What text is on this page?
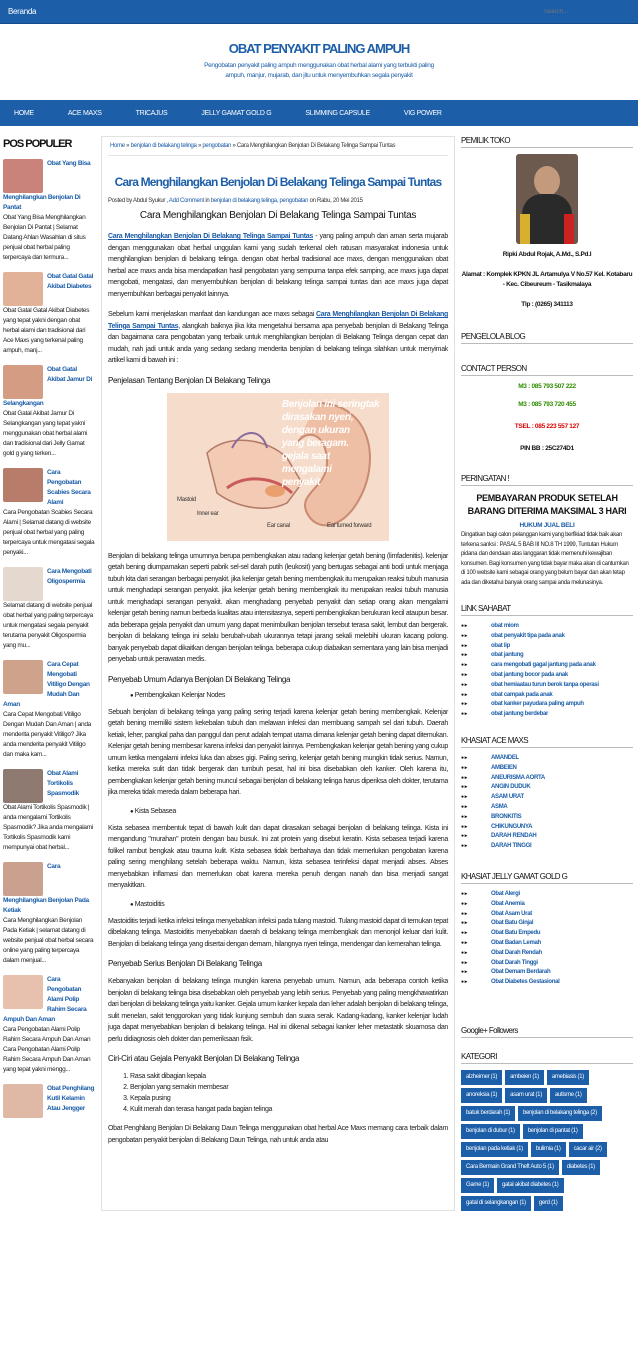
Beranda
Search...
OBAT PENYAKIT PALING AMPUH

Pengobatan penyakit paling ampuh menggunakan obat herbal alami yang terbukti paling ampuh, manjur, mujarab, dan jitu untuk menyembuhkan segala penyakit

HOME	ACE MAXS	TRICAJUS	JELLY GAMAT GOLD G	SLIMMING CAPSULE	VIG POWER
POS POPULER
Obat Yang Bisa
Menghilangkan Benjolan Di Pantat
Obat Yang Bisa Menghilangkan Benjolan Di Pantat | Selamat Datang Ahlan Wasahlan di situs penjual obat herbal paling terpercaya dan termura...
Obat Gatal Gatal Akibat Diabetes
Obat Gatal Gatal Akibat Diabetes yang tepat yakni dengan obat herbal alami dan tradisional dari Ace Maxs yang terkenal paling ampuh, manj...
Obat Gatal Akibat Jamur Di
Selangkangan
Obat Gatal Akibat Jamur Di Selangkangan yang tepat yakni menggunakan obat herbal alami dan tradisional dari Jelly Gamat gold g yang terken...
Cara Pengobatan Scabies Secara Alami
Cara Pengobatan Scabies Secara Alami | Selamat datang di website penjual obat herbal yang paling terpercaya untuk mengatasi segala penyaki...
Cara Mengobati Oligospermia
Selamat datang di website penjual obat herbal yang paling terpercaya untuk mengatasi segala penyakit terutama penyakit Oligospermia yang mu...
Cara Cepat Mengobati Vitiligo Dengan Mudah Dan
Aman
Cara Cepat Mengobati Vitiligo Dengan Mudah Dan Aman | anda menderita penyakit Vitiligo? Jika anda menderita penyakit Vitiligo dan maka kam...
Obat Alami Tortikolis Spasmodik
Obat Alami Tortikolis Spasmodik | anda mengalami Tortikolis Spasmodik? Jika anda mengalami Tortikolis Spasmodik kami mempunyai obat herbal...
Cara
Menghilangkan Benjolan Pada Ketiak
Cara Menghilangkan Benjolan Pada Ketiak | selamat datang di website penjual obat herbal secara online yang paling terpercaya dalam menjual...
Cara Pengobatan Alami Polip Rahim Secara
Ampuh Dan Aman
Cara Pengobatan Alami Polip Rahim Secara Ampuh Dan Aman Cara Pengobatan Alami Polip Rahim Secara Ampuh Dan Aman yang tepat yakni mengg...
Obat Penghilang Kutil Kelamin Atau Jengger
Home » benjolan di belakang telinga » pengobatan » Cara Menghilangkan Benjolan Di Belakang Telinga Sampai Tuntas
Cara Menghilangkan Benjolan Di Belakang Telinga Sampai Tuntas
Posted by Abdul Syukur , Add Comment in benjolan di belakang telinga, pengobatan on Rabu, 20 Mei 2015
Cara Menghilangkan Benjolan Di Belakang Telinga Sampai Tuntas
Cara Menghilangkan Benjolan Di Belakang Telinga Sampai Tuntas - yang paling ampuh dan aman serta mujarab dengan menggunakan obat herbal unggulan kami yang sudah terkenal oleh ratusan masyarakat indonesia untuk menghilangkan benjolan di belakang telinga. dengan obat herbal tradisional ace maxs, dengan menggunakan obat herbal ace maxs anda bisa mendapatkan hasil pengobatan yang sempurna tanpa efek samping, ace maxs juga dapat mengobati, mengatasi, dan menyembuhkan benjolan di belakang telinga sampai tuntas dan ace maxs juga dapat menyembuhkan berbagai penyakit lainnya.
Sebelum kami menjelaskan manfaat dan kandungan ace maxs sebagai Cara Menghilangkan Benjolan Di Belakang Telinga Sampai Tuntas, alangkah baiknya jika kita mengetahui bersama apa penyebab benjolan di Belakang Telinga dan bagaimana cara pengobatan yang terbaik untuk menghilangkan benjolan di Belakang Telinga dengan cepat dan mudah, nah jadi untuk anda yang sedang sedang menderita benjolan di belakang telinga silahkan untuk menyimak artikel kami di bawah ini :
Penjelasan Tentang Benjolan Di Belakang Telinga
Benjolan ini seringtak dirasakan nyeri, dengan ukuran yang beragam. gejala saat mengalami penyakit
Mastoid
Inner ear
Ear canal	Ear tumed forward
Benjolan di belakang telinga umumnya berupa pembengkakan atau radang kelenjar getah bening (limfadenitis). kelenjar getah bening diumpamakan seperti pabrik sel-sel darah putih (leukosit) yang bertugas sebagai anti bodi untuk menjaga tubuh kita dari serangan berbagai penyakit. jika kelenjar getah bening membengkak itu merupakan reaksi tubuh manusia untuk menghadapi serangan penyakit. jika kelenjar getah bening membengkak itu merupakan reaksi tubuh manusia untuk menghadapi serangan penyakit. akan menghadang penyebab penyakit dan setiap orang akan mengalami kelenjar getah bening namun berbeda kualitas atau intensitasnya, seperti pembengkakan berukuran kecil ataupun besar. ada beberapa gejala penyakit dan umum yang dapat menimbulkan benjolan tersebut terasa sakit, lembut dan bergerak. benjolan di belakang telinga ini selalu berubah-ubah ukurannya tetapi jarang sekali melebihi ukuran kacang polong. banyak penyebab dapat dikaitkan dengan benjolan telinga. beberapa cukup diabaikan sementara yang lain bisa menjadi penyebab untuk perawatan medis.
Penyebab Umum Adanya Benjolan Di Belakang Telinga
● Pembengkakan Kelenjar Nodes
Sebuah benjolan di belakang telinga yang paling sering terjadi karena kelenjar getah bening membengkak. Kelenjar getah bening memiliki sistem kekebalan tubuh dan melawan infeksi dan membuang sampah sel dari tubuh. Daerah ketiak, leher, pangkal paha dan panggul dan perut adalah tempat utama dimana kelenjar getah bening dapat ditemukan. Kelenjar getah bening membesar karena infeksi dan penyakit lainnya. Pembengkakan kelenjar getah bening yang cukup umum ketika mengalami infeksi luka dan abses gigi. Paling sering, kelenjar getah bening mungkin tidak serius. Namun, ketika mereka sulit dan tidak bergerak dan tumbuh pesat, hal ini bisa disebabkan oleh kanker. Oleh karena itu, pembengkakan kelenjar getah bening muncul sebagai benjolan di belakang telinga harus diperiksa oleh dokter, terutama jika mereka tidak mereda dalam beberapa hari.
● Kista Sebasea
Kista sebasea membentuk tepat di bawah kulit dan dapat dirasakan sebagai benjolan di belakang telinga. Kista ini mengandung "murahan" protein dengan bau busuk. Ini zat protein yang disebut keratin. Kista sebasea terjadi karena folikel rambut bengkak atau trauma kulit. Kista sebasea tidak berbahaya dan tidak memerlukan pengobatan karena paling sering menghilang setelah beberapa waktu. Namun, kista sebasea terinfeksi dapat menjadi abses. Abses menyebabkan inflamasi dan memerlukan obat karena mereka penuh dengan nanah dan bisa menjadi sangat menyakitkan.
● Mastoiditis
Mastoiditis terjadi ketika infeksi telinga menyebabkan infeksi pada tulang mastoid. Tulang mastoid dapat di temukan tepat dibelakang telinga. Mastoiditis menyebabkan daerah di belakang telinga membengkak dan menonjol keluar dari kulit. Benjolan di belakang telinga yang disertai dengan demam, hilangnya nyeri telinga, mendengar dan kemerahan telinga.
Penyebab Serius Benjolan Di Belakang Telinga
Kebanyakan benjolan di belakang telinga mungkin karena penyebab umum. Namun, ada beberapa contoh ketika benjolan di belakang telinga bisa disebabkan oleh penyebab yang lebih serius. Penyebab yang paling mengkhawatirkan dari benjolan di belakang telinga yaitu kanker. Gejala umum kanker kepala dan leher adalah benjolan di belakang telinga, sulit menelan, sakit tenggorokan yang tidak kunjung sembuh dan suara serak. Kadang-kadang, kanker kelenjar ludah juga dapat menyebabkan benjolan di belakang telinga. Hal ini dikenal sebagai kanker leher metastatik skuamosa dan perlu didiagnosis oleh dokter dan pemeriksaan fisik.
Ciri-Ciri atau Gejala Penyakit Benjolan Di Belakang Telinga
1. Rasa sakit dibagian kepala
2. Benjolan yang semakin membesar
3. Kepala pusing
4. Kulit merah dan terasa hangat pada bagian telinga
Obat Penghilang Benjolan Di Belakang Daun Telinga menggunakan obat herbal Ace Maxs memang cara terbaik dalam pengobatan penyakit benjolan di Belakang Daun Telinga, nah untuk anda atau
PEMILIK TOKO
Ripki Abdul Rojak, A.Md., S.Pd.I
Alamat : Komplek KPKN JL Artamulya V No.57 Kel. Kotabaru - Kec. Cibeureum - Tasikmalaya
Tlp : (0265) 341113
PENGELOLA BLOG
CONTACT PERSON
M3 : 085 793 507 222
M3 : 085 793 720 455
TSEL : 085 223 557 127
PIN BB : 25C274D1
PERINGATAN !
PEMBAYARAN PRODUK SETELAH BARANG DITERIMA MAKSIMAL 3 HARI
HUKUM JUAL BELI
Dingatkan bagi calon pelanggan kami yang berfikiad tidak baik akan terkena sanksi : PASAL 5 BAB III NO.8 TH 1999, Tuntutan Hukum pidana dan dendaan atas langgaran tidak memenuhi kewajiban konsumen. Bagi konsumen yang tidak bayar maka akan di cantumkan di 100 website kami sebagai orang yang belum bayar dan akan tetap ada dan diketahui banyak orang sampai anda melunasinya.
LINK SAHABAT
● ▸ obat miom
● ▸ obat penyakit tipa pada anak
● ▸ obat lip
● ▸ obat jantung
● ▸ cara mengobati gagal jantung pada anak
● ▸ obat jantung bocor pada anak
● ▸ obat hemiaatau turun berok tanpa operasi
● ▸ obat campak pada anak
● ▸ obat kanker payudara paling ampuh
● ▸ obat jantung berdebar
KHASIAT ACE MAXS
● ▸ AMANDEL
● ▸ AMBEIEN
● ▸ ANEURISMA AORTA
● ▸ ANGIN DUDUK
● ▸ ASAM URAT
● ▸ ASMA
● ▸ BRONKITIS
● ▸ CHIKUNGUNYA
● ▸ DARAH RENDAH
● ▸ DARAH TINGGI
KHASIAT JELLY GAMAT GOLD G
● ▸ Obat Alergi
● ▸ Obat Anemia
● ▸ Obat Asam Urat
● ▸ Obat Batu Ginjal
● ▸ Obat Batu Empedu
● ▸ Obat Badan Lemah
● ▸ Obat Darah Rendah
● ▸ Obat Darah Tinggi
● ▸ Obat Demam Berdarah
● ▸ Obat Diabetes Gestasional
Google+ Followers
KATEGORI
alzheimer (1)	ambeien (1)	amebiasis (1)
anoreksia (1)	asam urat (1)	autisme (1)
batuk berdarah (1)	benjolan di belakang telinga (2)
benjolan di dubur (1)	benjolan di pantat (1)
benjolan pada ketiak (1)	bulimia (1)	cacar air (2)
Cara Bermain Grand Theft Auto 5 (1)	diabetes (1)
Game (1)	gatal akibat diabetes (1)
gatal di selangkangan (1)	gerd (1)
